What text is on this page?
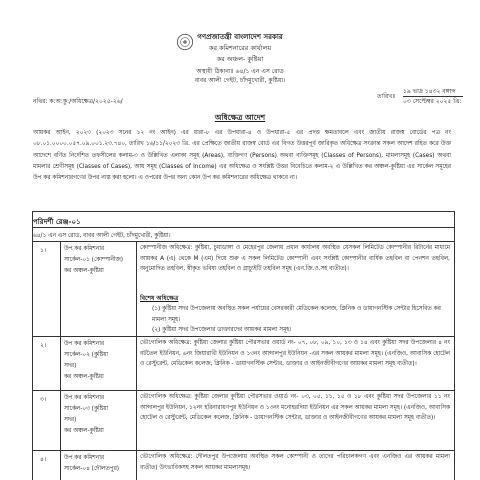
গণপ্রজাতন্ত্রী বাংলাদেশ সরকার
কর কমিশনারের কার্যালয়
কর অঞ্চল- কুষ্টিয়া
অস্থায়ী ঠিকানাঃ ৬৪/১ এন এস রোড
বাবর আলী গেইট, চাঁদমুখোরী, কুষ্টিয়া।
নথির: ক:অ:কু:/অধিক্ষেত্র/২০২৫-২৬/
তারিখঃ
১৯ ভাদ্র ১৪৩২ বঙ্গাব্দ
০৩ সেপ্টেম্বর ২০২৫ খ্রি:
অধিক্ষেত্র আদেশ
আয়কর আইন, ২০২৩ (২০২৩ সনের ১২ নং আইন) এর ধারা-৮ এর উপধারা-৪ ও উপধারা-৫ এর প্রদত্ত ক্ষমতাবলে এবং জাতীয় রাজস্ব বোর্ডের পত্র নং ০৮.০১.০০০০.০৫৭.০৯.০০১.২৩.৭৪০, তারিখ ১৬/১১/২০২৩ খ্রি. এর প্রেক্ষিতে জাতীয় রাজস্ব বোর্ড এর বিগত উত্তরপূর্ব জারিকৃত অধিক্ষেত্র সংক্রান্ত সকল আদেশ রহিত করে উক্ত আদেশে বর্ণিত নির্দেশিত তফসীলের কলাম-৩ ও উল্লিখিত এলাকা সমূহ (Areas), ব্যক্তিগণ (Persons) অথবা ব্যক্তিসমূহ (Classes of Persons), মামলাসমূহ (Cases) অথবা মামলার শ্রেণীসমূহ (Classes of Cases), আয় সমূহ (Classes of Income) এর অধিক্ষেত্র ও সংশ্লিষ্ট উত্তর বিবেচিতে কলাম-২ এ উল্লিখিত কর অঞ্চল-কুষ্টিয়া এর সার্কেল সমূহের উপ কর কমিশনারগণের উপর ন্যস্ত করা হলো। এ ওপরের উপর অন্য কোন উপ কর কমিশনারের অধিক্ষেত্র থাকবে না।
পরিদর্শী রেঞ্জ-০১
৬৪/১ এন এস রোড, বাবর আলী গেইট, চাঁদমুখোরী, কুষ্টিয়া।
১।	উপ কর কমিশনার
সার্কেল-০১ (কোম্পানীজ)
কর অঞ্চল-কুষ্টিয়া
কোম্পানীজ অধিক্ষেত্র: কুষ্টিয়া, চুয়াডাঙ্গা ও মেহেরপুর জেলায় প্রধান কার্যালয় অবস্থিত যেসকল লিমিটেড কোম্পানীর রিটার্নের মাধ্যমে আয়কর A (এ) থেকে M (এম) দিয়ে শুরু এ সকল লিমিটেড কোম্পানী এবং সংশ্লিষ্ট কোম্পানীর বার্ষিক তহবিল বা পেনশন তহবিল, অনুমোদিত তহবিল, স্বীকৃত ভবিষ্য তহবিল ও গ্রাচ্যুইটি তহবিল সমূহ (এন.জি.ও.সহ ব্যতীত)।
বিশেষ অধিক্ষেত্র
(১) কুষ্টিয়া সদর উপজেলায় অবস্থিত সকল পর্যায়ের বেসরকারী মেডিকেল কলেজ, ক্লিনিক ও ডায়াগনস্টিক সেন্টার হিসেবিত কর মামলা সমূহ।
(২) কুষ্টিয়া সদর উপজেলার ডাক্তারদের আয়কর মামলা সমূহ।
২।	উপ কর কমিশনার
সার্কেল-০২ (কুষ্টিয়া
সদর)
কর অঞ্চল-কুষ্টিয়া
ভৌগোলিক অধিক্ষেত্র: কুষ্টিয়া জেলার কুষ্টিয়া পৌরসভার ওয়ার্ড নং- ০৭, ০৮, ০৯, ১০, ১৩ ও ১৪ এবং কুষ্টিয়া সদর উপজেলার ৪ নং বটতৈল ইউনিয়ন, ৬নং জিয়ারাখী ইউনিয়ন ও ১৩নং আব্দালপুর ইউনিয়ন -এর সকল আয়কর মামলা সমূহ। (এনজিও, আবাসিক হোটেল ও রেস্টুরেন্ট, মেডিকেল কলেজ, ক্লিনিক - ডায়াগনস্টিক সেন্টার, ডাক্তার ও আইনজীবীগণের আয়কর মামলা সমূহ ব্যতীত)।
৩।	উপ কর কমিশনার
সার্কেল-০৩ (কুষ্টিয়া
সদর)
কর অঞ্চল-কুষ্টিয়া
ভৌগোলিক অধিক্ষেত্র: কুষ্টিয়া জেলার কুষ্টিয়া পৌরসভার ওয়ার্ড নং- ০৩, ০৫, ১১, ১৫ ও ১৮ এবং কুষ্টিয়া সদর উপজেলার ১১ নং আব্দালপুর ইউনিয়ন, ১২নং হরিনারায়ণপুর ইউনিয়ন ও ১৩নং মনোহরদিয়া ইউনিয়ন এর সকল আয়কর মামলা সমূহ। (এনজিও, আবাসিক হোটেল ও রেস্টুরেন্ট, মেডিকেল কলেজ, ক্লিনিক - ডায়াগনস্টিক সেন্টার, ডাক্তার ও আইনজীবীগণের আয়কর মামলা সমূহ ব্যতীত)।
৪।	উপ কর কমিশনার
সার্কেল-০৪ (দৌলতপুর)
ভৌগোলিক অধিক্ষেত্র: দৌলতপুর উপজেলায় অবস্থিত সকল কোম্পানী ও তাদের পরিচালকগণ এবং এনজিও এর আয়কর মামলা ব্যতীত) উৎভাবিকসহ সকল আয়কর মামলাসমূহ।
